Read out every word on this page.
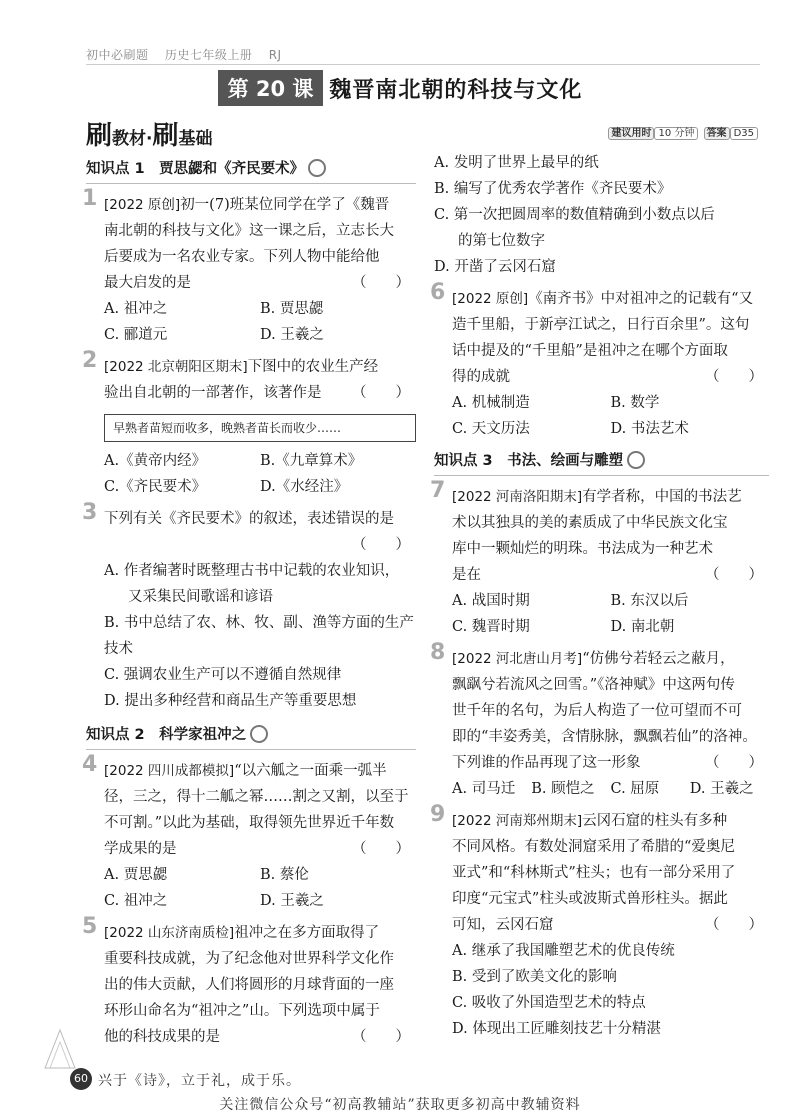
初中必刷题 历史七年级上册 RJ
第 20 课 魏晋南北朝的科技与文化
刷教材·刷基础	建议用时 10 分钟 答案 D35
知识点 1　贾思勰和《齐民要术》
1 [2022 原创]初一(7)班某位同学在学了《魏晋
南北朝的科技与文化》这一课之后，立志长大
后要成为一名农业专家。下列人物中能给他
最大启发的是	（　　）
A. 祖冲之	B. 贾思勰
C. 郦道元	D. 王羲之
2 [2022 北京朝阳区期末]下图中的农业生产经
验出自北朝的一部著作，该著作是 （　　）
早熟者苗短而收多，晚熟者苗长而收少……
A.《黄帝内经》	B.《九章算术》
C.《齐民要术》	D.《水经注》
3 下列有关《齐民要术》的叙述，表述错误的是

（　　）

A. 作者编著时既整理古书中记载的农业知识，

又采集民间歌谣和谚语
B. 书中总结了农、林、牧、副、渔等方面的生产技术
C. 强调农业生产可以不遵循自然规律
D. 提出多种经营和商品生产等重要思想
知识点 2　科学家祖冲之
4 [2022 四川成都模拟]“以六觚之一面乘一弧半
径，三之，得十二觚之幂……割之又割，以至于
不可割。”以此为基础，取得领先世界近千年数
学成果的是	（　　）
A. 贾思勰	B. 蔡伦
C. 祖冲之	D. 王羲之
5 [2022 山东济南质检]祖冲之在多方面取得了
重要科技成就，为了纪念他对世界科学文化作
出的伟大贡献，人们将圆形的月球背面的一座
环形山命名为“祖冲之”山。下列选项中属于
他的科技成果的是	（　　）
A. 发明了世界上最早的纸
B. 编写了优秀农学著作《齐民要术》
C. 第一次把圆周率的数值精确到小数点以后

的第七位数字
D. 开凿了云冈石窟
6 [2022 原创]《南齐书》中对祖冲之的记载有“又
造千里船，于新亭江试之，日行百余里”。这句
话中提及的“千里船”是祖冲之在哪个方面取
得的成就	（　　）
A. 机械制造	B. 数学
C. 天文历法	D. 书法艺术
知识点 3　书法、绘画与雕塑
7 [2022 河南洛阳期末]有学者称，中国的书法艺
术以其独具的美的素质成了中华民族文化宝
库中一颗灿烂的明珠。书法成为一种艺术
是在	（　　）
A. 战国时期	B. 东汉以后
C. 魏晋时期	D. 南北朝
8 [2022 河北唐山月考]“仿佛兮若轻云之蔽月，
飘飖兮若流风之回雪。”《洛神赋》中这两句传
世千年的名句，为后人构造了一位可望而不可
即的“丰姿秀美，含情脉脉，飘飘若仙”的洛神。
下列谁的作品再现了这一形象	（　　）
A. 司马迁	B. 顾恺之	C. 屈原	D. 王羲之
9 [2022 河南郑州期末]云冈石窟的柱头有多种
不同风格。有数处洞窟采用了希腊的“爱奥尼
亚式”和“科林斯式”柱头；也有一部分采用了
印度“元宝式”柱头或波斯式兽形柱头。据此
可知，云冈石窟	（　　）

A. 继承了我国雕塑艺术的优良传统
B. 受到了欧美文化的影响
C. 吸收了外国造型艺术的特点
D. 体现出工匠雕刻技艺十分精湛
60 兴于《诗》，立于礼，成于乐。
关注微信公众号“初高教辅站”获取更多初高中教辅资料
